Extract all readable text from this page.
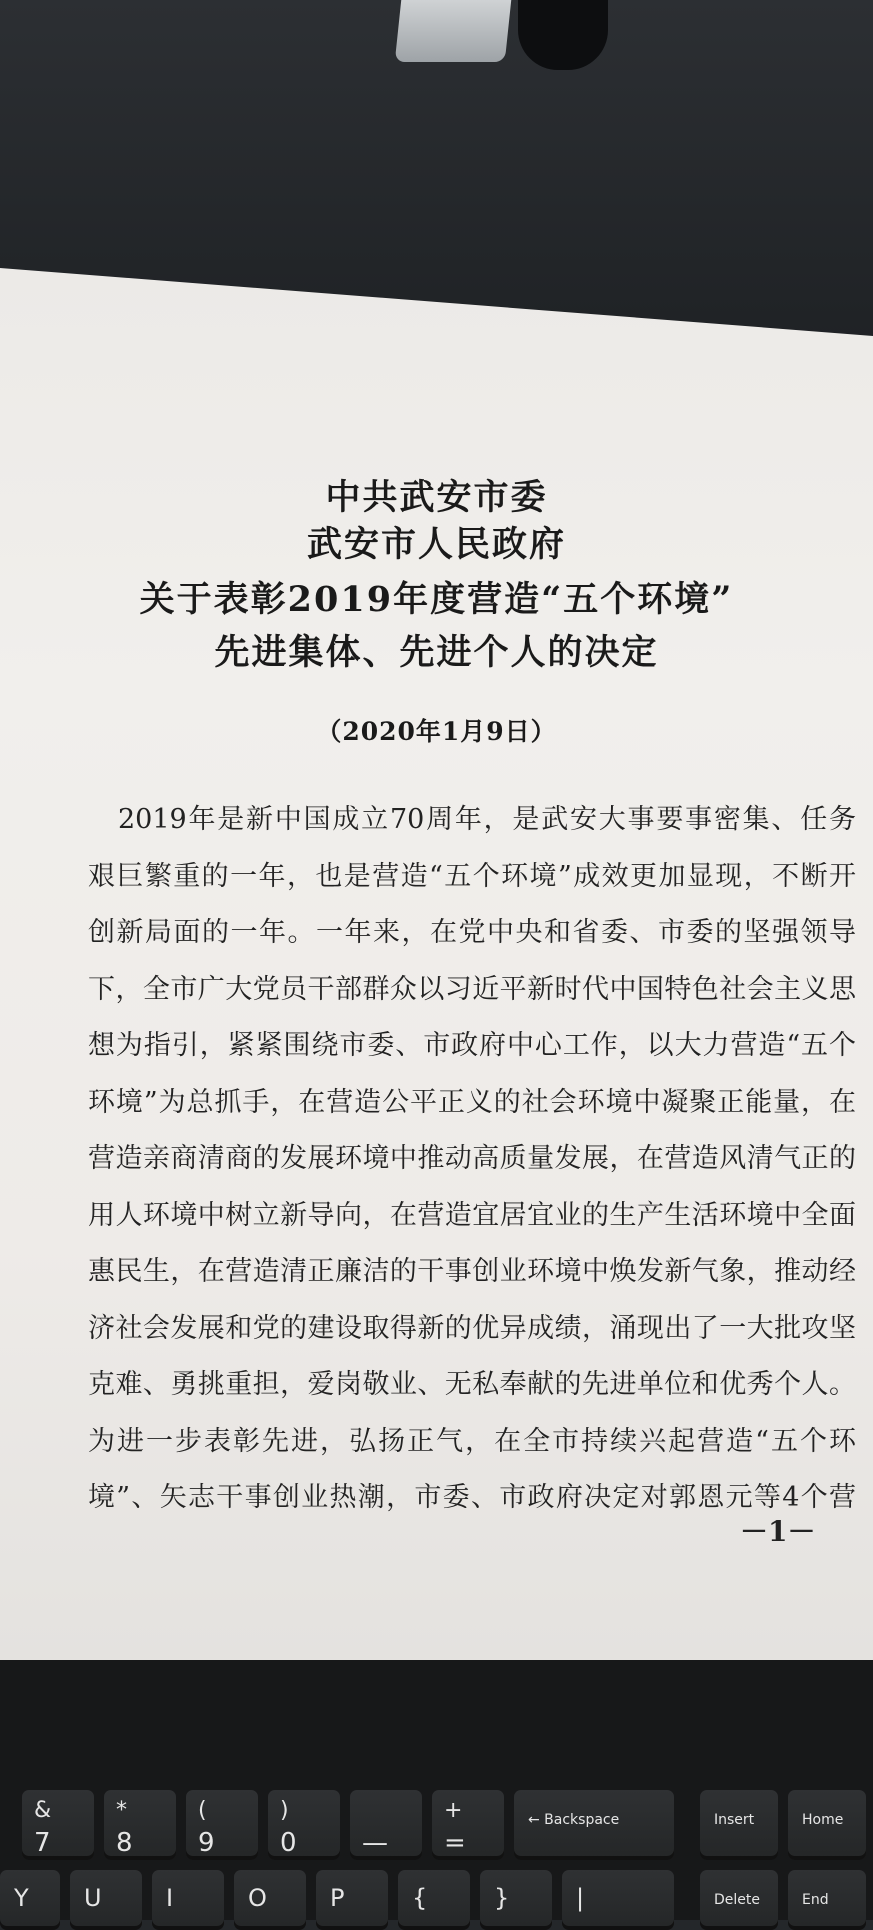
中共武安市委
武安市人民政府
关于表彰2019年度营造“五个环境”
先进集体、先进个人的决定
（2020年1月9日）
2019年是新中国成立70周年，是武安大事要事密集、任务
艰巨繁重的一年，也是营造“五个环境”成效更加显现，不断开
创新局面的一年。一年来，在党中央和省委、市委的坚强领导
下，全市广大党员干部群众以习近平新时代中国特色社会主义思
想为指引，紧紧围绕市委、市政府中心工作，以大力营造“五个
环境”为总抓手，在营造公平正义的社会环境中凝聚正能量，在
营造亲商清商的发展环境中推动高质量发展，在营造风清气正的
用人环境中树立新导向，在营造宜居宜业的生产生活环境中全面
惠民生，在营造清正廉洁的干事创业环境中焕发新气象，推动经
济社会发展和党的建设取得新的优异成绩，涌现出了一大批攻坚
克难、勇挑重担，爱岗敬业、无私奉献的先进单位和优秀个人。
为进一步表彰先进，弘扬正气，在全市持续兴起营造“五个环
境”、矢志干事创业热潮，市委、市政府决定对郭恩元等4个营
－1－
&
7
*
8
(
9
)
0	—
+
=
← Backspace	Insert	Home
Y U	I	O	P	{	}	|	Delete	End
